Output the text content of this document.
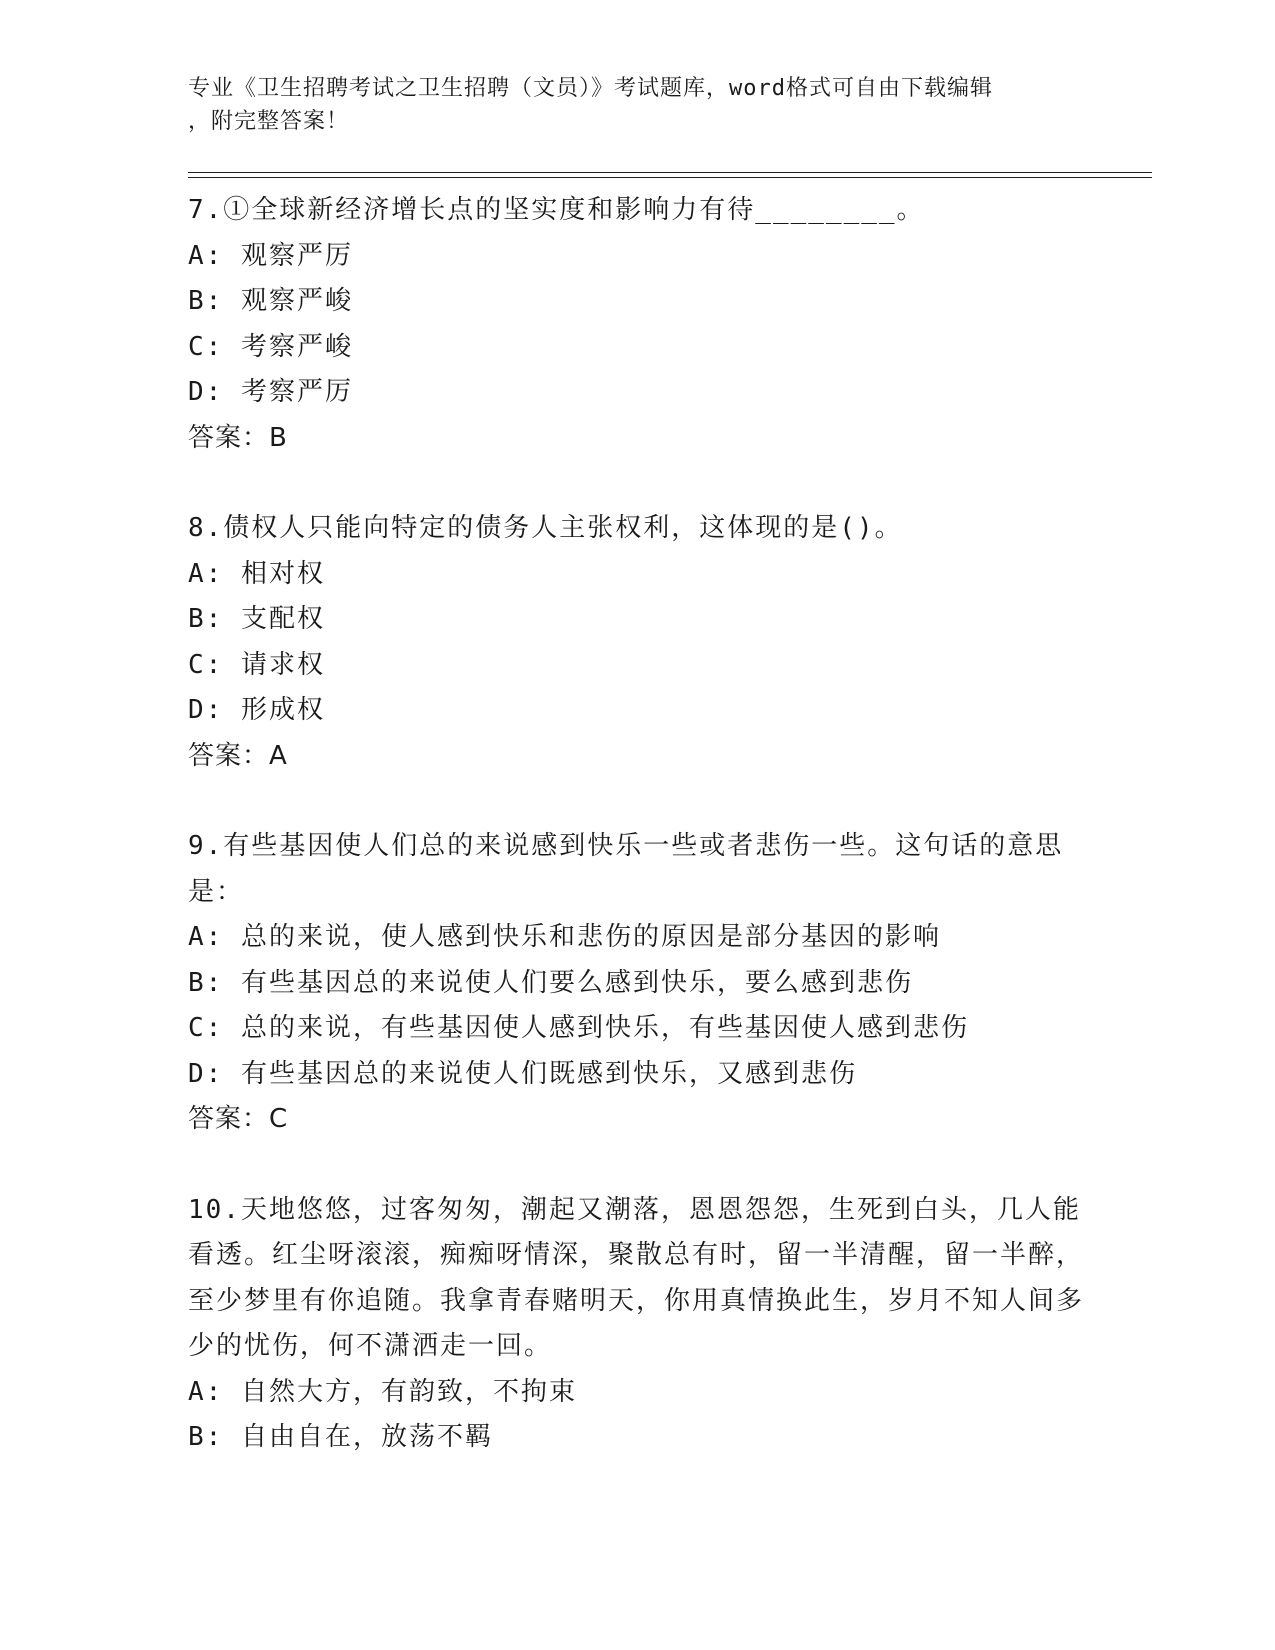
专业《卫生招聘考试之卫生招聘（文员）》考试题库，word格式可自由下载编辑
，附完整答案！
7.①全球新经济增长点的坚实度和影响力有待________。
A: 观察严厉
B: 观察严峻
C: 考察严峻
D: 考察严厉
答案：B
8.债权人只能向特定的债务人主张权利，这体现的是()。
A: 相对权
B: 支配权
C: 请求权
D: 形成权
答案：A
9.有些基因使人们总的来说感到快乐一些或者悲伤一些。这句话的意思是：
A: 总的来说，使人感到快乐和悲伤的原因是部分基因的影响
B: 有些基因总的来说使人们要么感到快乐，要么感到悲伤
C: 总的来说，有些基因使人感到快乐，有些基因使人感到悲伤
D: 有些基因总的来说使人们既感到快乐，又感到悲伤
答案：C
10.天地悠悠，过客匆匆，潮起又潮落，恩恩怨怨，生死到白头，几人能看透。红尘呀滚滚，痴痴呀情深，聚散总有时，留一半清醒，留一半醉，至少梦里有你追随。我拿青春赌明天，你用真情换此生，岁月不知人间多少的忧伤，何不潇洒走一回。
A: 自然大方，有韵致，不拘束
B: 自由自在，放荡不羁
